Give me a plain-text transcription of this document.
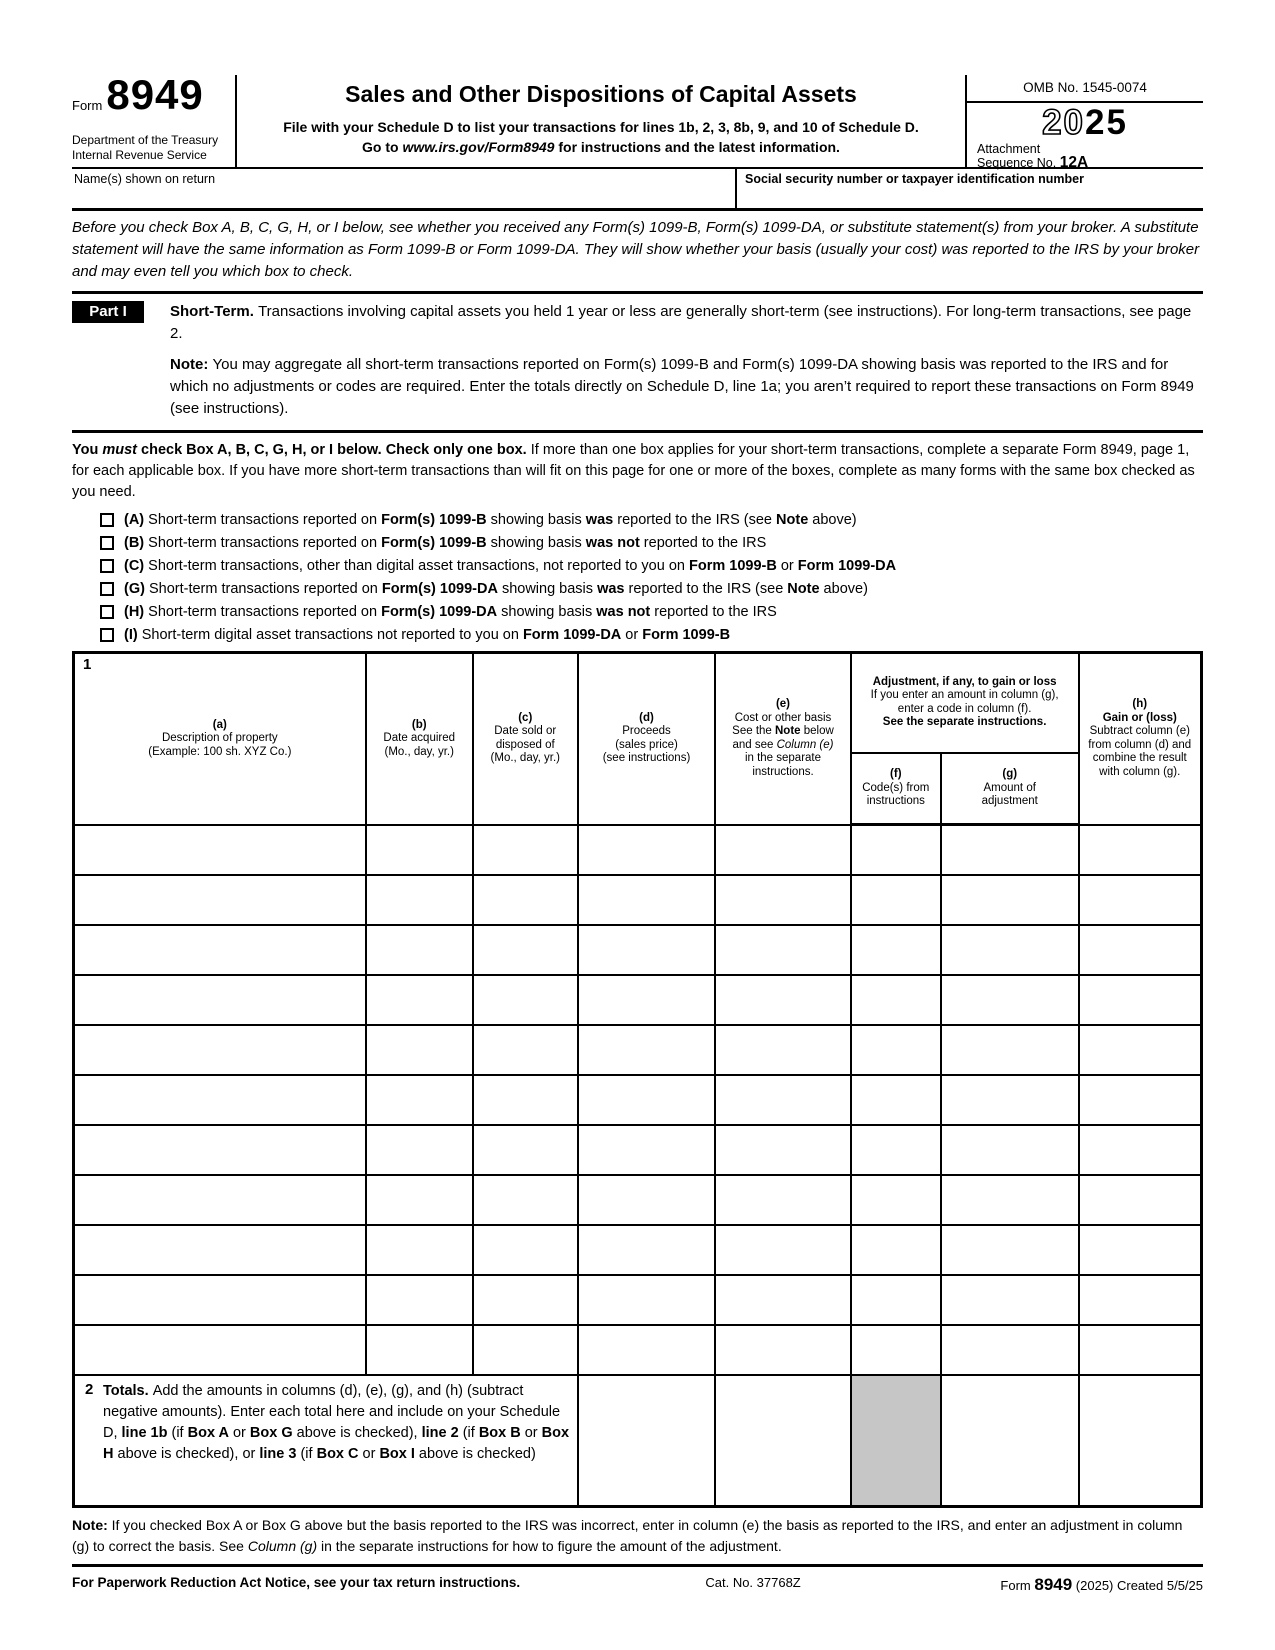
Form 8949
Department of the Treasury
Internal Revenue Service
Sales and Other Dispositions of Capital Assets
File with your Schedule D to list your transactions for lines 1b, 2, 3, 8b, 9, and 10 of Schedule D.
Go to www.irs.gov/Form8949 for instructions and the latest information.
OMB No. 1545-0074
2025
Attachment
Sequence No. 12A
Name(s) shown on return	Social security number or taxpayer identification number
Before you check Box A, B, C, G, H, or I below, see whether you received any Form(s) 1099-B, Form(s) 1099-DA, or substitute statement(s) from your broker. A substitute statement will have the same information as Form 1099-B or Form 1099-DA. They will show whether your basis (usually your cost) was reported to the IRS by your broker and may even tell you which box to check.
Part I	Short-Term. Transactions involving capital assets you held 1 year or less are generally short-term (see instructions). For long-term transactions, see page 2.
Note: You may aggregate all short-term transactions reported on Form(s) 1099-B and Form(s) 1099-DA showing basis was reported to the IRS and for which no adjustments or codes are required. Enter the totals directly on Schedule D, line 1a; you aren’t required to report these transactions on Form 8949 (see instructions).
You must check Box A, B, C, G, H, or I below. Check only one box. If more than one box applies for your short-term transactions, complete a separate Form 8949, page 1, for each applicable box. If you have more short-term transactions than will fit on this page for one or more of the boxes, complete as many forms with the same box checked as you need.
(A) Short-term transactions reported on Form(s) 1099-B showing basis was reported to the IRS (see Note above)
(B) Short-term transactions reported on Form(s) 1099-B showing basis was not reported to the IRS
(C) Short-term transactions, other than digital asset transactions, not reported to you on Form 1099-B or Form 1099-DA
(G) Short-term transactions reported on Form(s) 1099-DA showing basis was reported to the IRS (see Note above)
(H) Short-term transactions reported on Form(s) 1099-DA showing basis was not reported to the IRS
(I) Short-term digital asset transactions not reported to you on Form 1099-DA or Form 1099-B
1
(a)
Description of property
(Example: 100 sh. XYZ Co.)
	(b)
Date acquired
(Mo., day, yr.)	(c)
Date sold or
disposed of
(Mo., day, yr.)	(d)
Proceeds
(sales price)
(see instructions)	(e)
Cost or other basis
See the Note below
and see Column (e)
in the separate
instructions.	Adjustment, if any, to gain or loss
If you enter an amount in column (g),
enter a code in column (f).
See the separate instructions.	(h)
Gain or (loss)
Subtract column (e)
from column (d) and
combine the result
with column (g).
					(f)
Code(s) from
instructions	(g)
Amount of
adjustment	

2 Totals. Add the amounts in columns (d), (e), (g), and (h) (subtract negative amounts). Enter each total here and include on your Schedule D, line 1b (if Box A or Box G above is checked), line 2 (if Box B or Box H above is checked), or line 3 (if Box C or Box I above is checked)							

Note: If you checked Box A or Box G above but the basis reported to the IRS was incorrect, enter in column (e) the basis as reported to the IRS, and enter an adjustment in column (g) to correct the basis. See Column (g) in the separate instructions for how to figure the amount of the adjustment.
For Paperwork Reduction Act Notice, see your tax return instructions.	Cat. No. 37768Z	Form 8949 (2025) Created 5/5/25
